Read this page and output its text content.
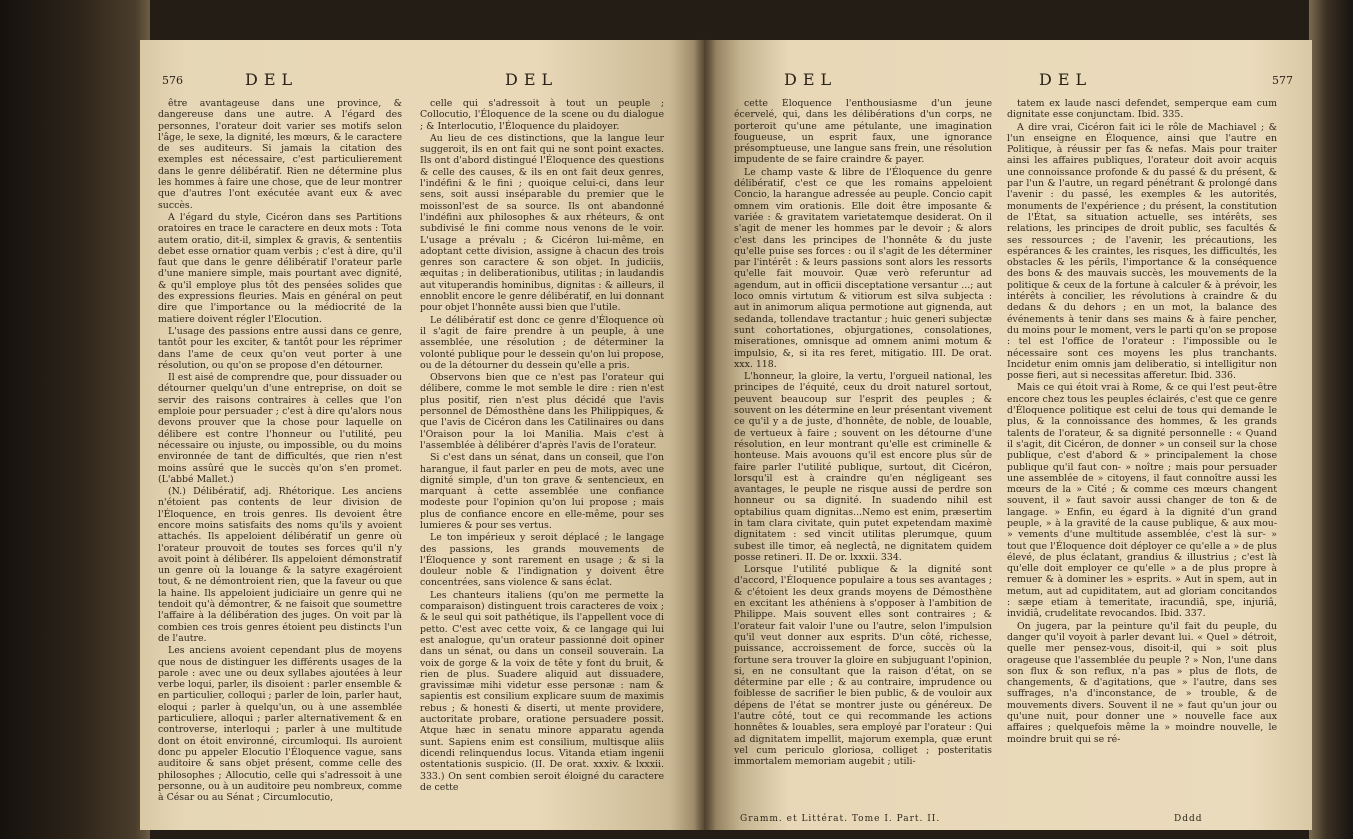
576	DEL	DEL

être avantageuse dans une province, & dangereuse dans une autre. A l'égard des personnes, l'orateur doit varier ses motifs selon l'âge, le sexe, la dignité, les mœurs, & le caractere de ses auditeurs. Si jamais la citation des exemples est nécessaire, c'est particulierement dans le genre délibératif. Rien ne détermine plus les hommes à faire une chose, que de leur montrer que d'autres l'ont exécutée avant eux & avec succès.

A l'égard du style, Cicéron dans ses Partitions oratoires en trace le caractere en deux mots : Tota autem oratio, dit-il, simplex & gravis, & sententiis debet esse ornatior quam verbis ; c'est à dire, qu'il faut que dans le genre délibératif l'orateur parle d'une maniere simple, mais pourtant avec dignité, & qu'il employe plus tôt des pensées solides que des expressions fleuries. Mais en général on peut dire que l'importance ou la médiocrité de la matiere doivent régler l'Elocution.

L'usage des passions entre aussi dans ce genre, tantôt pour les exciter, & tantôt pour les réprimer dans l'ame de ceux qu'on veut porter à une résolution, ou qu'on se propose d'en détourner.

Il est aisé de comprendre que, pour dissuader ou détourner quelqu'un d'une entreprise, on doit se servir des raisons contraires à celles que l'on emploie pour persuader ; c'est à dire qu'alors nous devons prouver que la chose pour laquelle on délibere est contre l'honneur ou l'utilité, peu nécessaire ou injuste, ou impossible, ou du moins environnée de tant de difficultés, que rien n'est moins assûré que le succès qu'on s'en promet. (L'abbé Mallet.)

(N.) Délibératif, adj. Rhétorique. Les anciens n'étoient pas contents de leur division de l'Éloquence, en trois genres. Ils devoient être encore moins satisfaits des noms qu'ils y avoient attachés. Ils appeloient délibératif un genre où l'orateur prouvoit de toutes ses forces qu'il n'y avoit point à délibérer. Ils appeloient démonstratif un genre où la louange & la satyre exagéroient tout, & ne démontroient rien, que la faveur ou que la haine. Ils appeloient judiciaire un genre qui ne tendoit qu'à démontrer, & ne faisoit que soumettre l'affaire à la délibération des juges. On voit par là combien ces trois genres étoient peu distincts l'un de l'autre.

Les anciens avoient cependant plus de moyens que nous de distinguer les différents usages de la parole : avec une ou deux syllabes ajoutées à leur verbe loqui, parler, ils disoient : parler ensemble & en particulier, colloqui ; parler de loin, parler haut, eloqui ; parler à quelqu'un, ou à une assemblée particuliere, alloqui ; parler alternativement & en controverse, interloqui ; parler à une multitude dont on étoit environné, circumloqui. Ils auroient donc pu appeler Elocutio l'Éloquence vague, sans auditoire & sans objet présent, comme celle des philosophes ; Allocutio, celle qui s'adressoit à une personne, ou à un auditoire peu nombreux, comme à César ou au Sénat ; Circumlocutio,

celle qui s'adressoit à tout un peuple ; Collocutio, l'Éloquence de la scene ou du dialogue ; & Interlocutio, l'Éloquence du plaidoyer.

Au lieu de ces distinctions, que la langue leur suggeroit, ils en ont fait qui ne sont point exactes. Ils ont d'abord distingué l'Éloquence des questions & celle des causes, & ils en ont fait deux genres, l'indéfini & le fini ; quoique celui-ci, dans leur sens, soit aussi inséparable du premier que le moissonl'est de sa source. Ils ont abandonné l'indéfini aux philosophes & aux rhéteurs, & ont subdivisé le fini comme nous venons de le voir. L'usage a prévalu ; & Cicéron lui-même, en adoptant cette division, assigne à chacun des trois genres son caractere & son objet. In judiciis, æquitas ; in deliberationibus, utilitas ; in laudandis aut vituperandis hominibus, dignitas : & ailleurs, il ennoblit encore le genre délibératif, en lui donnant pour objet l'honnête aussi bien que l'utile.

Le délibératif est donc ce genre d'Éloquence où il s'agit de faire prendre à un peuple, à une assemblée, une résolution ; de déterminer la volonté publique pour le dessein qu'on lui propose, ou de la détourner du dessein qu'elle a pris.

Observons bien que ce n'est pas l'orateur qui délibere, comme le mot semble le dire : rien n'est plus positif, rien n'est plus décidé que l'avis personnel de Démosthène dans les Philippiques, & que l'avis de Cicéron dans les Catilinaires ou dans l'Oraison pour la loi Manilia. Mais c'est à l'assemblée à délibérer d'après l'avis de l'orateur.

Si c'est dans un sénat, dans un conseil, que l'on harangue, il faut parler en peu de mots, avec une dignité simple, d'un ton grave & sentencieux, en marquant à cette assemblée une confiance modeste pour l'opinion qu'on lui propose ; mais plus de confiance encore en elle-même, pour ses lumieres & pour ses vertus.

Le ton impérieux y seroit déplacé ; le langage des passions, les grands mouvements de l'Éloquence y sont rarement en usage ; & si la douleur noble & l'indignation y doivent être concentrées, sans violence & sans éclat.

Les chanteurs italiens (qu'on me permette la comparaison) distinguent trois caracteres de voix ; & le seul qui soit pathétique, ils l'appellent voce di petto. C'est avec cette voix, & ce langage qui lui est analogue, qu'un orateur passionné doit opiner dans un sénat, ou dans un conseil souverain. La voix de gorge & la voix de tête y font du bruit, & rien de plus. Suadere aliquid aut dissuadere, gravissimæ mihi videtur esse personæ : nam & sapientis est consilium explicare suum de maximis rebus ; & honesti & diserti, ut mente providere, auctoritate probare, oratione persuadere possit. Atque hæc in senatu minore apparatu agenda sunt. Sapiens enim est consilium, multisque aliis dicendi relinquendus locus. Vitanda etiam ingenii ostentationis suspicio. (II. De orat. xxxiv. & lxxxii. 333.) On sent combien seroit éloigné du caractere de cette

DEL	DEL	577

cette Éloquence l'enthousiasme d'un jeune écervelé, qui, dans les délibérations d'un corps, ne porteroit qu'une ame pétulante, une imagination fougueuse, un esprit faux, une ignorance présomptueuse, une langue sans frein, une résolution impudente de se faire craindre & payer.

Le champ vaste & libre de l'Éloquence du genre délibératif, c'est ce que les romains appeloient Concio, la harangue adressée au peuple. Concio capit omnem vim orationis. Elle doit être imposante & variée : & gravitatem varietatemque desiderat. On il s'agit de mener les hommes par le devoir ; & alors c'est dans les principes de l'honnête & du juste qu'elle puise ses forces : ou il s'agit de les déterminer par l'intérêt : & leurs passions sont alors les ressorts qu'elle fait mouvoir. Quæ verò referuntur ad agendum, aut in officii disceptatione versantur ...; aut loco omnis virtutum & vitiorum est silva subjecta : aut in animorum aliqua permotione aut gignenda, aut sedanda, tollendave tractantur ; huic generi subjectæ sunt cohortationes, objurgationes, consolationes, miserationes, omnisque ad omnem animi motum & impulsio, &, si ita res feret, mitigatio. III. De orat. xxx. 118.

L'honneur, la gloire, la vertu, l'orgueil national, les principes de l'équité, ceux du droit naturel sortout, peuvent beaucoup sur l'esprit des peuples ; & souvent on les détermine en leur présentant vivement ce qu'il y a de juste, d'honnête, de noble, de louable, de vertueux à faire ; souvent on les détourne d'une résolution, en leur montrant qu'elle est criminelle & honteuse. Mais avouons qu'il est encore plus sûr de faire parler l'utilité publique, surtout, dit Cicéron, lorsqu'il est à craindre qu'en négligeant ses avantages, le peuple ne risque aussi de perdre son honneur ou sa dignité. In suadendo nihil est optabilius quam dignitas...Nemo est enim, præsertim in tam clara civitate, quin putet expetendam maximè dignitatem : sed vincit utilitas plerumque, quum subest ille timor, eâ neglectâ, ne dignitatem quidem posse retineri. II. De or. lxxxii. 334.

Lorsque l'utilité publique & la dignité sont d'accord, l'Éloquence populaire a tous ses avantages ; & c'étoient les deux grands moyens de Démosthène en excitant les athéniens à s'opposer à l'ambition de Philippe. Mais souvent elles sont contraires ; & l'orateur fait valoir l'une ou l'autre, selon l'impulsion qu'il veut donner aux esprits. D'un côté, richesse, puissance, accroissement de force, succès où la fortune sera trouver la gloire en subjuguant l'opinion, si, en ne consultant que la raison d'état, on se détermine par elle ; & au contraire, imprudence ou foiblesse de sacrifier le bien public, & de vouloir aux dépens de l'état se montrer juste ou généreux. De l'autre côté, tout ce qui recommande les actions honnêtes & louables, sera employé par l'orateur : Qui ad dignitatem impellit, majorum exempla, quæ erunt vel cum periculo gloriosa, colliget ; posteritatis immortalem memoriam augebit ; utili-

tatem ex laude nasci defendet, semperque eam cum dignitate esse conjunctam. Ibid. 335.

A dire vrai, Cicéron fait ici le rôle de Machiavel ; & l'un enseigne en Éloquence, ainsi que l'autre en Politique, à réussir per fas & nefas. Mais pour traiter ainsi les affaires publiques, l'orateur doit avoir acquis une connoissance profonde & du passé & du présent, & par l'un & l'autre, un regard pénétrant & prolongé dans l'avenir : du passé, les exemples & les autorités, monuments de l'expérience ; du présent, la constitution de l'État, sa situation actuelle, ses intérêts, ses relations, les principes de droit public, ses facultés & ses ressources ; de l'avenir, les précautions, les espérances & les craintes, les risques, les difficultés, les obstacles & les périls, l'importance & la conséquence des bons & des mauvais succès, les mouvements de la politique & ceux de la fortune à calculer & à prévoir, les intérêts à concilier, les révolutions à craindre & du dedans & du dehors ; en un mot, la balance des événements à tenir dans ses mains & à faire pencher, du moins pour le moment, vers le parti qu'on se propose : tel est l'office de l'orateur : l'impossible ou le nécessaire sont ces moyens les plus tranchants. Incidetur enim omnis jam deliberatio, si intelligitur non posse fieri, aut si necessitas afferetur. Ibid. 336.

Mais ce qui étoit vrai à Rome, & ce qui l'est peut-être encore chez tous les peuples éclairés, c'est que ce genre d'Éloquence politique est celui de tous qui demande le plus, & la connoissance des hommes, & les grands talents de l'orateur, & sa dignité personnelle : « Quand il s'agit, dit Cicéron, de donner » un conseil sur la chose publique, c'est d'abord & » principalement la chose publique qu'il faut con- » noître ; mais pour persuader une assemblée de » citoyens, il faut connoître aussi les mœurs de la » Cité ; & comme ces mœurs changent souvent, il » faut savoir aussi changer de ton & de langage. » Enfin, eu égard à la dignité d'un grand peuple, » à la gravité de la cause publique, & aux mou- » vements d'une multitude assemblée, c'est là sur- » tout que l'Éloquence doit déployer ce qu'elle a » de plus élevé, de plus éclatant, grandius & illustrius ; c'est là qu'elle doit employer ce qu'elle » a de plus propre à remuer & à dominer les » esprits. » Aut in spem, aut in metum, aut ad cupiditatem, aut ad gloriam concitandos : sæpe etiam à temeritate, iracundiâ, spe, injuriâ, invidiâ, crudelitate revocandos. Ibid. 337.

On jugera, par la peinture qu'il fait du peuple, du danger qu'il voyoit à parler devant lui. « Quel » détroit, quelle mer pensez-vous, disoit-il, qui » soit plus orageuse que l'assemblée du peuple ? » Non, l'une dans son flux & son reflux, n'a pas » plus de flots, de changements, & d'agitations, que » l'autre, dans ses suffrages, n'a d'inconstance, de » trouble, & de mouvements divers. Souvent il ne » faut qu'un jour ou qu'une nuit, pour donner une » nouvelle face aux affaires ; quelquefois même la » moindre nouvelle, le moindre bruit qui se ré-

Gramm. et Littérat. Tome I. Part. II.	Dddd
